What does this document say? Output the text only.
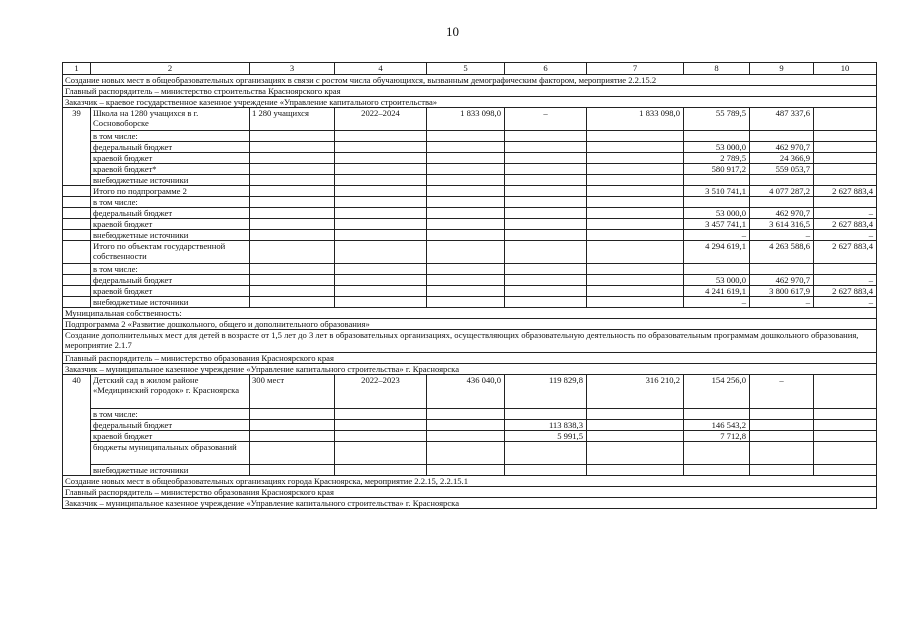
10
1	2	3	4	5	6	7	8	9	10
Создание новых мест в общеобразовательных организациях в связи с ростом числа обучающихся, вызванным демографическим фактором, мероприятие 2.2.15.2									
Главный распорядитель – министерство строительства Красноярского края									
Заказчик – краевое государственное казенное учреждение «Управление капитального строительства»									
39	Школа на 1280 учащихся в г. Сосновоборске	1 280 учащихся	2022–2024	1 833 098,0	–	1 833 098,0	55 789,5	487 337,6	
	в том числе:								
	федеральный бюджет						53 000,0	462 970,7	
	краевой бюджет						2 789,5	24 366,9	
	краевой бюджет*						580 917,2	559 053,7	
	внебюджетные источники								
	Итого по подпрограмме 2						3 510 741,1	4 077 287,2	2 627 883,4
	в том числе:								
	федеральный бюджет						53 000,0	462 970,7	–
	краевой бюджет						3 457 741,1	3 614 316,5	2 627 883,4
	внебюджетные источники						–	–	–
	Итого по объектам государственной собственности						4 294 619,1	4 263 588,6	2 627 883,4
	в том числе:								
	федеральный бюджет						53 000,0	462 970,7	–
	краевой бюджет						4 241 619,1	3 800 617,9	2 627 883,4
	внебюджетные источники						–	–	–
Муниципальная собственность:									
Подпрограмма 2 «Развитие дошкольного, общего и дополнительного образования»									
Создание дополнительных мест для детей в возрасте от 1,5 лет до 3 лет в образовательных организациях, осуществляющих образовательную деятельность по образовательным программам дошкольного образования, мероприятие 2.1.7									
Главный распорядитель – министерство образования Красноярского края									
Заказчик – муниципальное казенное учреждение «Управление капитального строительства» г. Красноярска									
40	Детский сад в жилом районе «Медицинский городок» г. Красноярска	300 мест	2022–2023	436 040,0	119 829,8	316 210,2	154 256,0	–	
	в том числе:								
	федеральный бюджет				113 838,3		146 543,2		
	краевой бюджет				5 991,5		7 712,8		
	бюджеты муниципальных образований								
	внебюджетные источники								
Создание новых мест в общеобразовательных организациях города Красноярска, мероприятие 2.2.15, 2.2.15.1									
Главный распорядитель – министерство образования Красноярского края									
Заказчик – муниципальное казенное учреждение «Управление капитального строительства» г. Красноярска									
